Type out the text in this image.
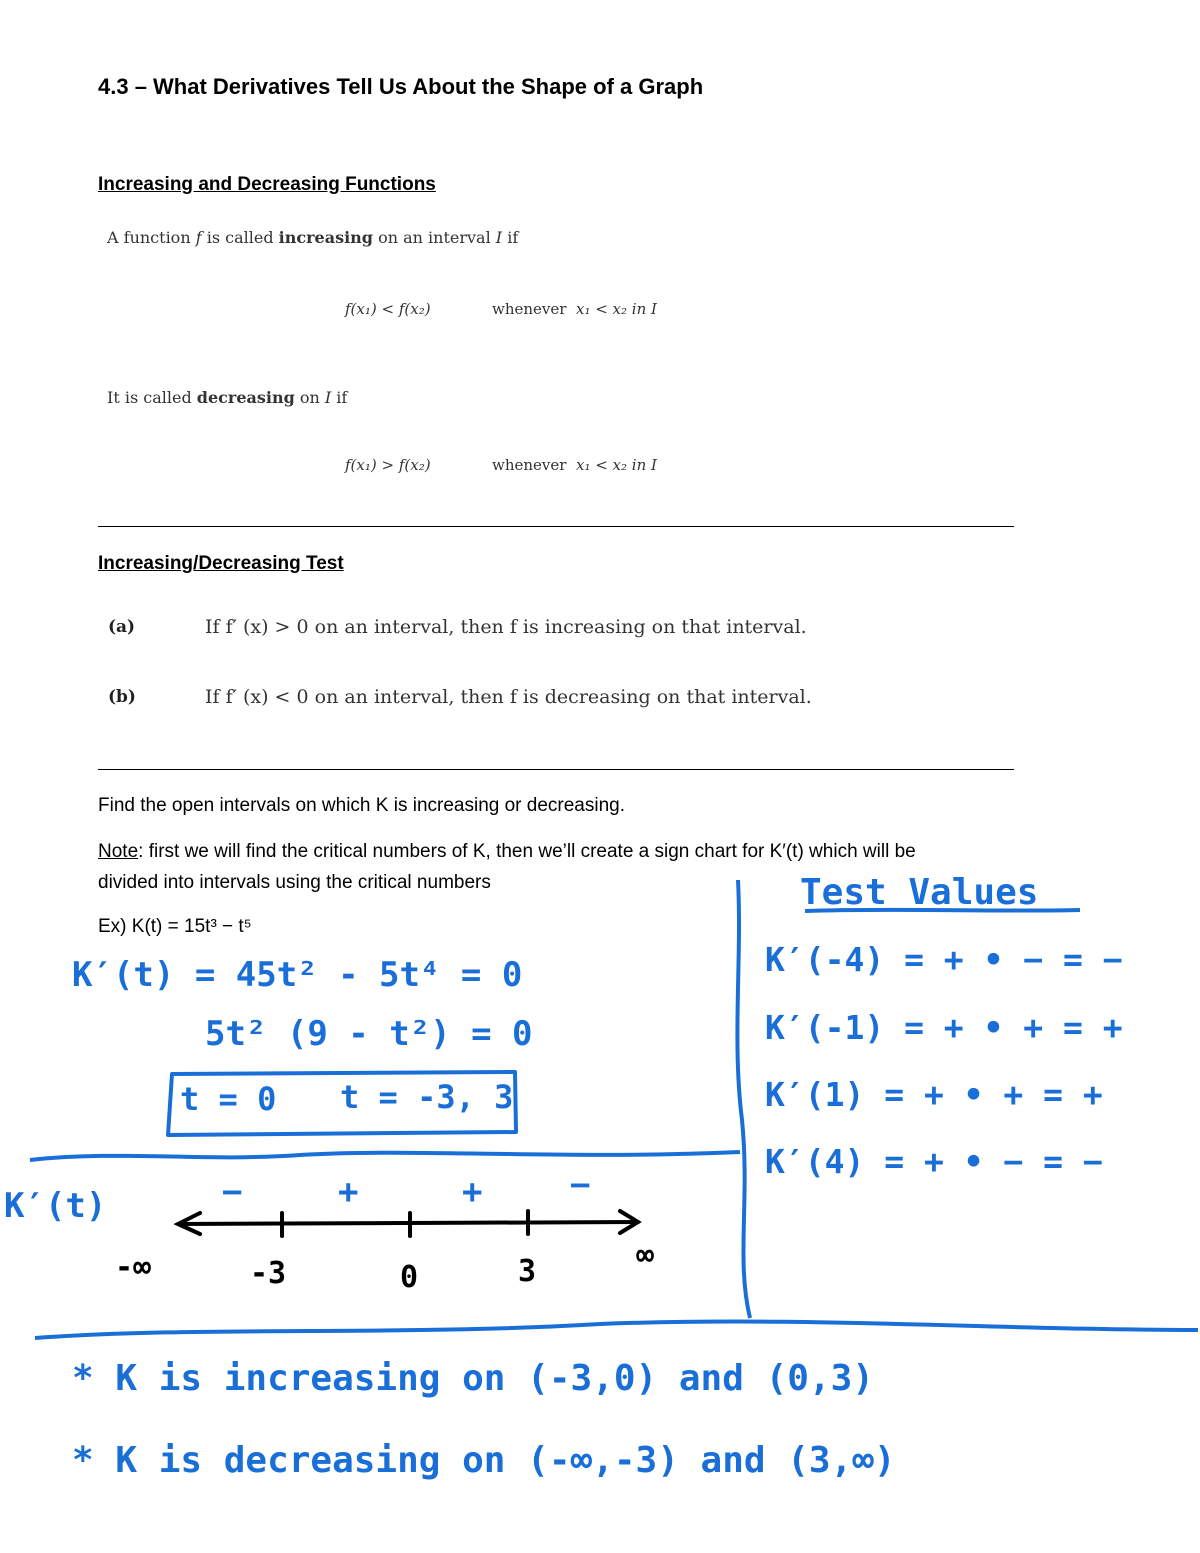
4.3 – What Derivatives Tell Us About the Shape of a Graph
Increasing and Decreasing Functions
A function f is called increasing on an interval I if
f(x₁) < f(x₂)	whenever x₁ < x₂ in I
It is called decreasing on I if
f(x₁) > f(x₂)	whenever x₁ < x₂ in I
Increasing/Decreasing Test
(a)	If f′ (x) > 0 on an interval, then f is increasing on that interval.
(b)	If f′ (x) < 0 on an interval, then f is decreasing on that interval.
Find the open intervals on which K is increasing or decreasing.
Note: first we will find the critical numbers of K, then we’ll create a sign chart for K′(t) which will be
divided into intervals using the critical numbers
Ex) K(t) = 15t³ − t⁵
K′(t) = 45t² - 5t⁴ = 0
5t² (9 - t²) = 0
t = 0 t = -3, 3
K′(t)	−	+	+	−
-∞	-3	0	3	∞
Test Values
K′(-4) = + • − = −
K′(-1) = + • + = +
K′(1) = + • + = +
K′(4) = + • − = −
* K is increasing on (-3,0) and (0,3)
* K is decreasing on (-∞,-3) and (3,∞)
